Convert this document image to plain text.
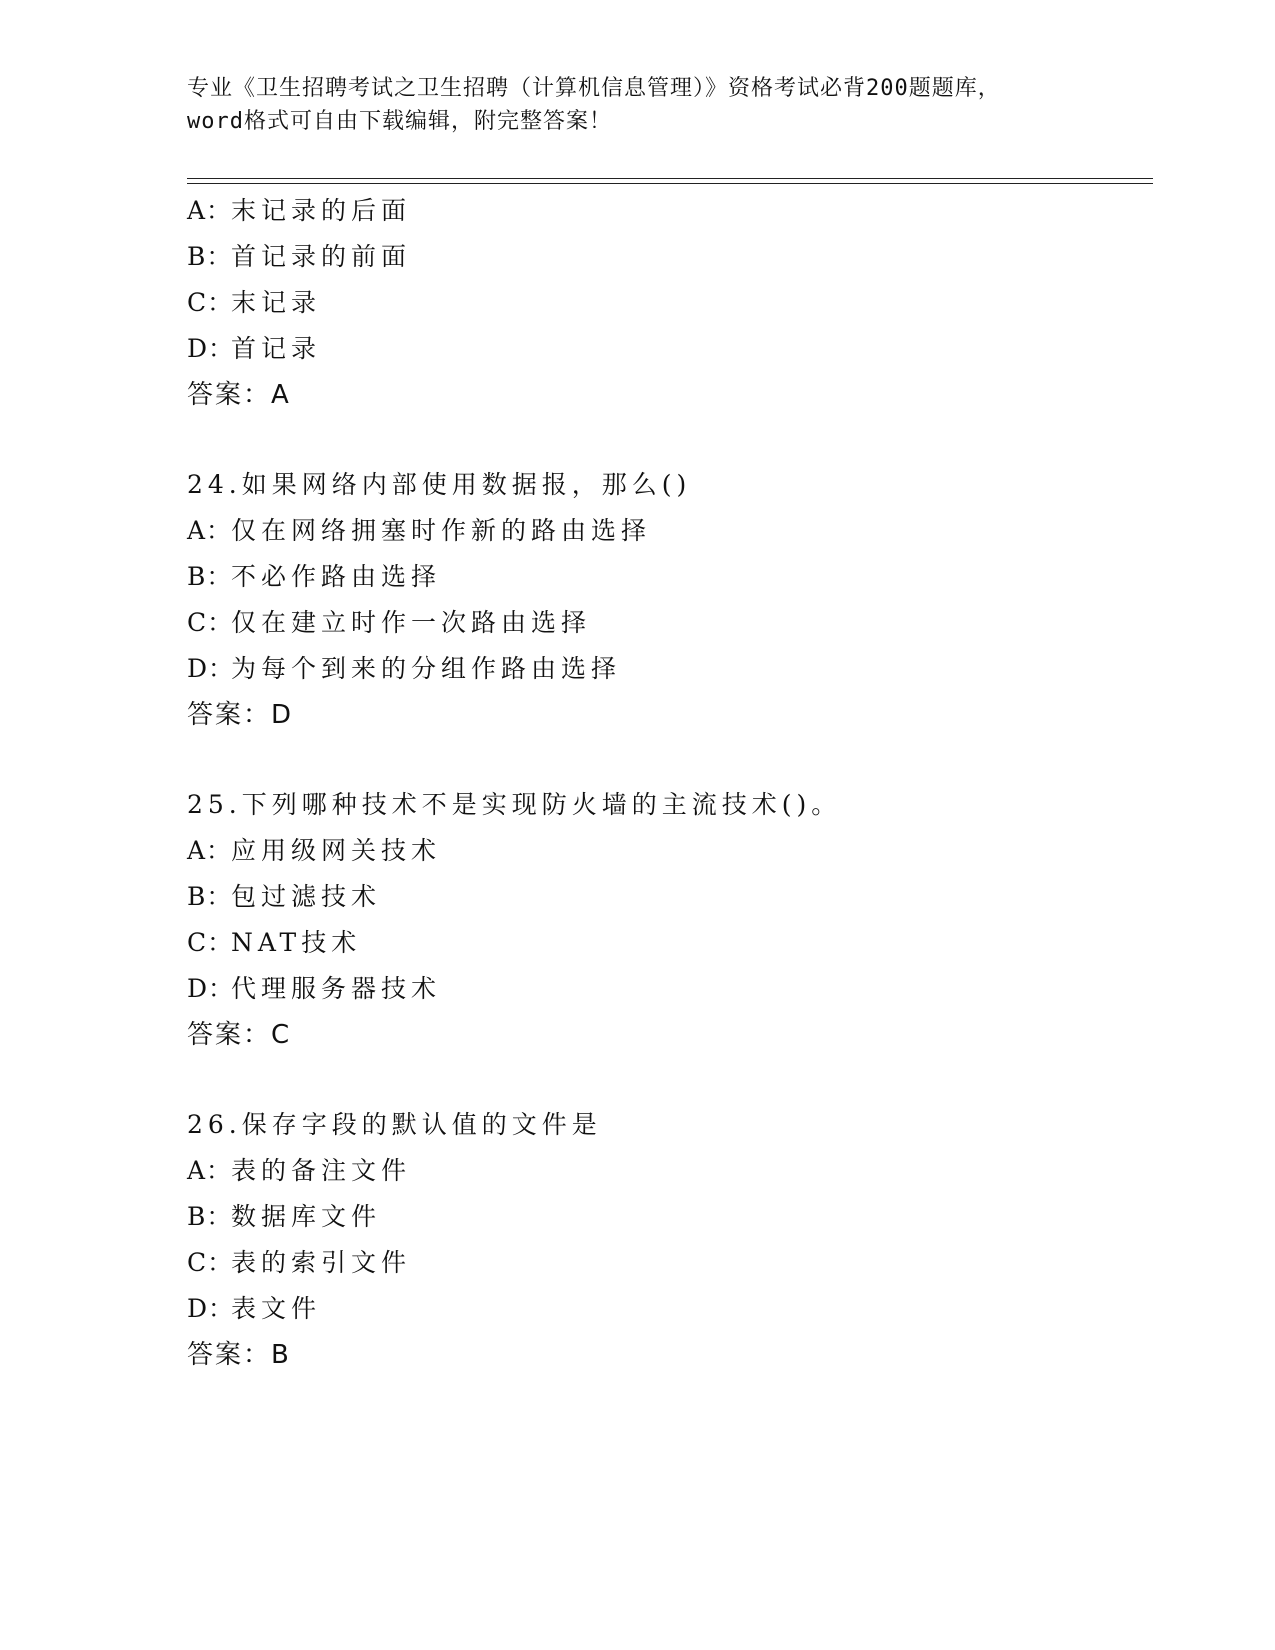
专业《卫生招聘考试之卫生招聘（计算机信息管理）》资格考试必背200题题库，
word格式可自由下载编辑，附完整答案！
A：末记录的后面
B：首记录的前面
C：末记录
D：首记录
答案：A
24.如果网络内部使用数据报，那么()
A：仅在网络拥塞时作新的路由选择
B：不必作路由选择
C：仅在建立时作一次路由选择
D：为每个到来的分组作路由选择
答案：D
25.下列哪种技术不是实现防火墙的主流技术()。
A：应用级网关技术
B：包过滤技术
C：NAT技术
D：代理服务器技术
答案：C
26.保存字段的默认值的文件是
A：表的备注文件
B：数据库文件
C：表的索引文件
D：表文件
答案：B
